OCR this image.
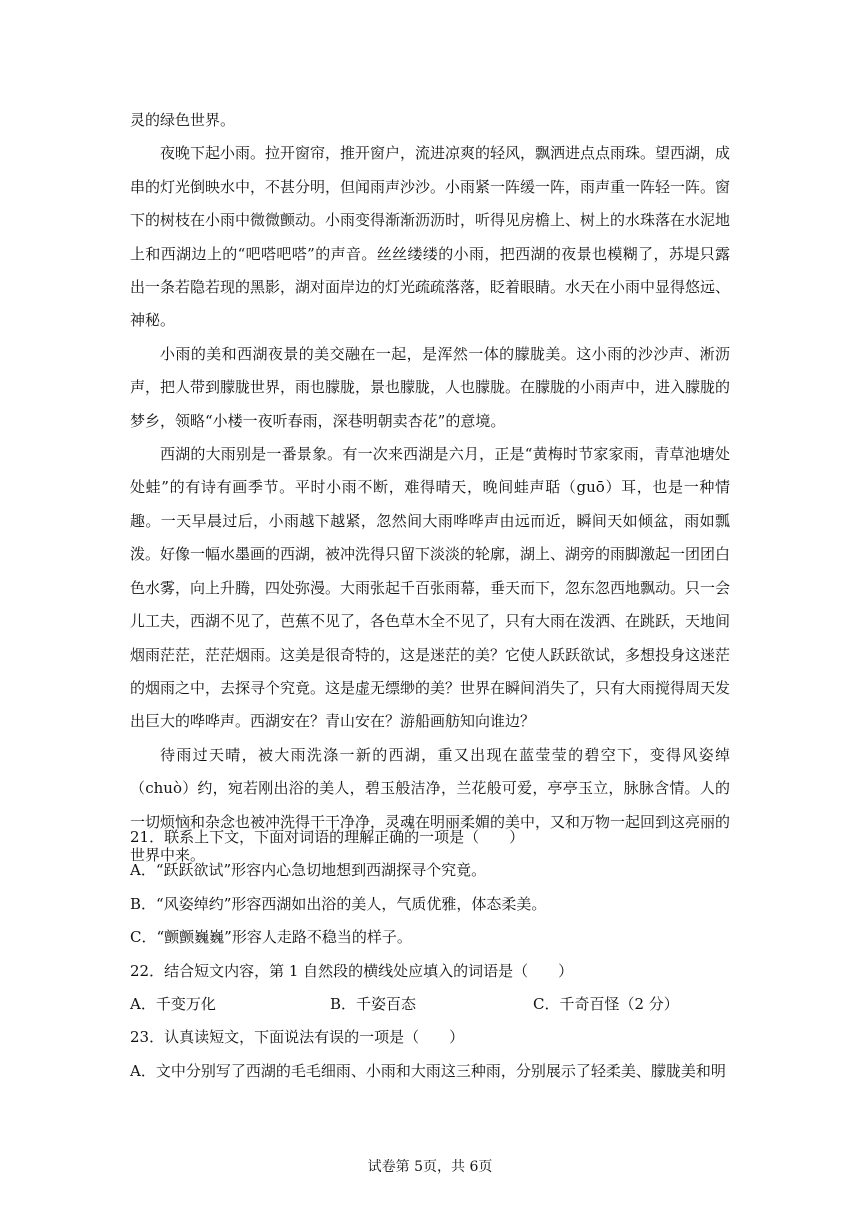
灵的绿色世界。

夜晚下起小雨。拉开窗帘，推开窗户，流进凉爽的轻风，飘洒进点点雨珠。望西湖，成串的灯光倒映水中，不甚分明，但闻雨声沙沙。小雨紧一阵缓一阵，雨声重一阵轻一阵。窗下的树枝在小雨中微微颤动。小雨变得渐渐沥沥时，听得见房檐上、树上的水珠落在水泥地上和西湖边上的“吧嗒吧嗒”的声音。丝丝缕缕的小雨，把西湖的夜景也模糊了，苏堤只露出一条若隐若现的黑影，湖对面岸边的灯光疏疏落落，眨着眼睛。水天在小雨中显得悠远、神秘。

小雨的美和西湖夜景的美交融在一起，是浑然一体的朦胧美。这小雨的沙沙声、淅沥声，把人带到朦胧世界，雨也朦胧，景也朦胧，人也朦胧。在朦胧的小雨声中，进入朦胧的梦乡，领略“小楼一夜听春雨，深巷明朝卖杏花”的意境。

西湖的大雨别是一番景象。有一次来西湖是六月，正是“黄梅时节家家雨，青草池塘处处蛙”的有诗有画季节。平时小雨不断，难得晴天，晚间蛙声聒（guō）耳，也是一种情趣。一天早晨过后，小雨越下越紧，忽然间大雨哗哗声由远而近，瞬间天如倾盆，雨如瓢泼。好像一幅水墨画的西湖，被冲洗得只留下淡淡的轮廓，湖上、湖旁的雨脚激起一团团白色水雾，向上升腾，四处弥漫。大雨张起千百张雨幕，垂天而下，忽东忽西地飘动。只一会儿工夫，西湖不见了，芭蕉不见了，各色草木全不见了，只有大雨在泼洒、在跳跃，天地间烟雨茫茫，茫茫烟雨。这美是很奇特的，这是迷茫的美？它使人跃跃欲试，多想投身这迷茫的烟雨之中，去探寻个究竟。这是虚无缥缈的美？世界在瞬间消失了，只有大雨搅得周天发出巨大的哗哗声。西湖安在？青山安在？游船画舫知向谁边？

待雨过天晴，被大雨洗涤一新的西湖，重又出现在蓝莹莹的碧空下，变得风姿绰（chuò）约，宛若刚出浴的美人，碧玉般洁净，兰花般可爱，亭亭玉立，脉脉含情。人的一切烦恼和杂念也被冲洗得干干净净，灵魂在明丽柔媚的美中，又和万物一起回到这亮丽的世界中来。

21．联系上下文，下面对词语的理解正确的一项是（　　）

A．“跃跃欲试”形容内心急切地想到西湖探寻个究竟。

B．“风姿绰约”形容西湖如出浴的美人，气质优雅，体态柔美。

C．“颤颤巍巍”形容人走路不稳当的样子。

22．结合短文内容，第 1 自然段的横线处应填入的词语是（　　）

A．千变万化	B．千姿百态	C．千奇百怪（2 分）

23．认真读短文，下面说法有误的一项是（　　）

A．文中分别写了西湖的毛毛细雨、小雨和大雨这三种雨，分别展示了轻柔美、朦胧美和明

试卷第 5页，共 6页
